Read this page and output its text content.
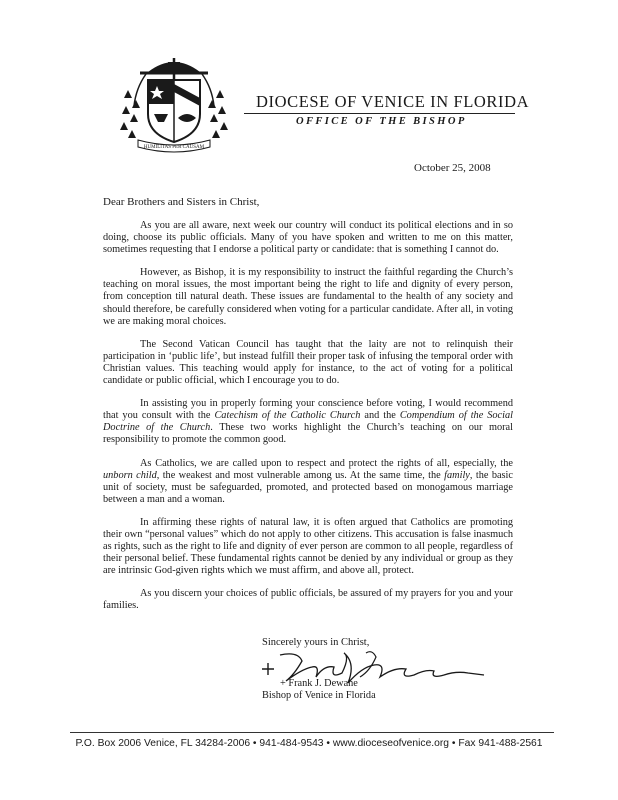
HUMILITAS PER CAUSAM
DIOCESE OF VENICE IN FLORIDA
OFFICE OF THE BISHOP
October 25, 2008
Dear Brothers and Sisters in Christ,

As you are all aware, next week our country will conduct its political elections and in so doing, choose its public officials. Many of you have spoken and written to me on this matter, sometimes requesting that I endorse a political party or candidate: that is something I cannot do.

However, as Bishop, it is my responsibility to instruct the faithful regarding the Church’s teaching on moral issues, the most important being the right to life and dignity of every person, from conception till natural death. These issues are fundamental to the health of any society and should therefore, be carefully considered when voting for a particular candidate. After all, in voting we are making moral choices.

The Second Vatican Council has taught that the laity are not to relinquish their participation in ‘public life’, but instead fulfill their proper task of infusing the temporal order with Christian values. This teaching would apply for instance, to the act of voting for a political candidate or public official, which I encourage you to do.

In assisting you in properly forming your conscience before voting, I would recommend that you consult with the Catechism of the Catholic Church and the Compendium of the Social Doctrine of the Church. These two works highlight the Church’s teaching on our moral responsibility to promote the common good.

As Catholics, we are called upon to respect and protect the rights of all, especially, the unborn child, the weakest and most vulnerable among us. At the same time, the family, the basic unit of society, must be safeguarded, promoted, and protected based on monogamous marriage between a man and a woman.

In affirming these rights of natural law, it is often argued that Catholics are promoting their own “personal values” which do not apply to other citizens. This accusation is false inasmuch as rights, such as the right to life and dignity of ever person are common to all people, regardless of their personal belief. These fundamental rights cannot be denied by any individual or group as they are intrinsic God-given rights which we must affirm, and above all, protect.

As you discern your choices of public officials, be assured of my prayers for you and your families.

Sincerely yours in Christ,
+ Frank J. Dewane
Bishop of Venice in Florida
P.O. Box 2006 Venice, FL 34284-2006 • 941-484-9543 • www.dioceseofvenice.org • Fax 941-488-2561
